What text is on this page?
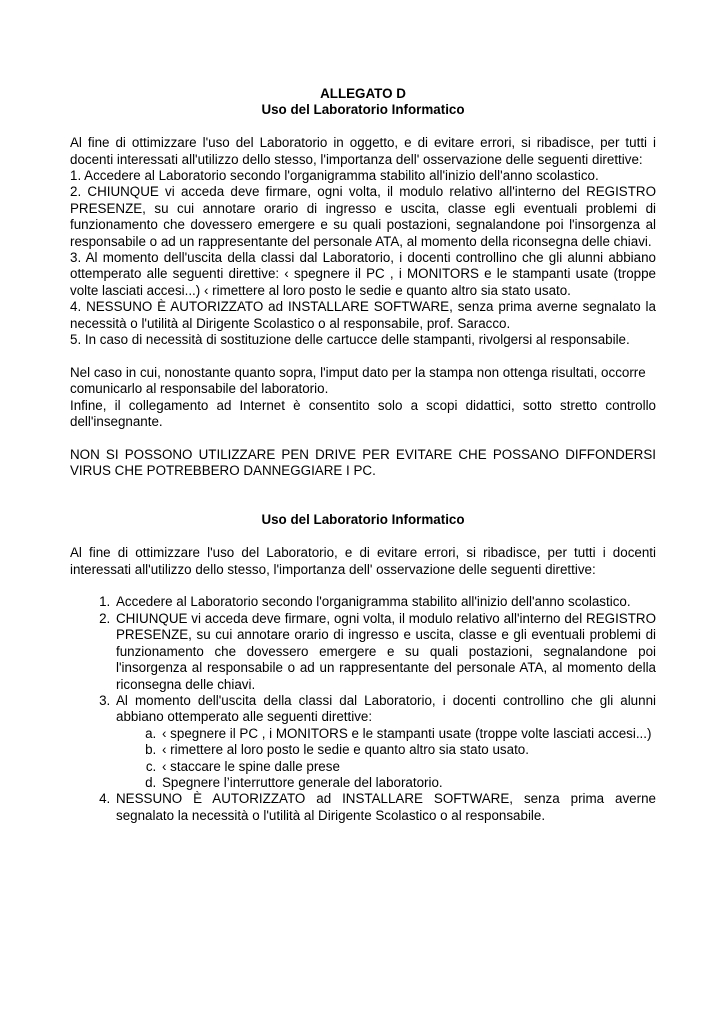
ALLEGATO D

Uso del Laboratorio Informatico

Al fine di ottimizzare l'uso del Laboratorio in oggetto, e di evitare errori, si ribadisce, per tutti i docenti interessati all'utilizzo dello stesso, l'importanza dell' osservazione delle seguenti direttive:

1. Accedere al Laboratorio secondo l'organigramma stabilito all'inizio dell'anno scolastico.

2. CHIUNQUE vi acceda deve firmare, ogni volta, il modulo relativo all'interno del REGISTRO PRESENZE, su cui annotare orario di ingresso e uscita, classe egli eventuali problemi di funzionamento che dovessero emergere e su quali postazioni, segnalandone poi l'insorgenza al responsabile o ad un rappresentante del personale ATA, al momento della riconsegna delle chiavi.

3. Al momento dell'uscita della classi dal Laboratorio, i docenti controllino che gli alunni abbiano ottemperato alle seguenti direttive: ‹ spegnere il PC , i MONITORS e le stampanti usate (troppe volte lasciati accesi...) ‹ rimettere al loro posto le sedie e quanto altro sia stato usato.

4. NESSUNO È AUTORIZZATO ad INSTALLARE SOFTWARE, senza prima averne segnalato la necessità o l'utilità al Dirigente Scolastico o al responsabile, prof. Saracco.

5. In caso di necessità di sostituzione delle cartucce delle stampanti, rivolgersi al responsabile.

Nel caso in cui, nonostante quanto sopra, l'imput dato per la stampa non ottenga risultati, occorre

comunicarlo al responsabile del laboratorio.

Infine, il collegamento ad Internet è consentito solo a scopi didattici, sotto stretto controllo dell'insegnante.

NON SI POSSONO UTILIZZARE PEN DRIVE PER EVITARE CHE POSSANO DIFFONDERSI VIRUS CHE POTREBBERO DANNEGGIARE I PC.

Uso del Laboratorio Informatico

Al fine di ottimizzare l'uso del Laboratorio, e di evitare errori, si ribadisce, per tutti i docenti interessati all'utilizzo dello stesso, l'importanza dell' osservazione delle seguenti direttive:

1. Accedere al Laboratorio secondo l'organigramma stabilito all'inizio dell'anno scolastico.
2. CHIUNQUE vi acceda deve firmare, ogni volta, il modulo relativo all'interno del REGISTRO PRESENZE, su cui annotare orario di ingresso e uscita, classe e gli eventuali problemi di funzionamento che dovessero emergere e su quali postazioni, segnalandone poi l'insorgenza al responsabile o ad un rappresentante del personale ATA, al momento della riconsegna delle chiavi.
3. Al momento dell'uscita della classi dal Laboratorio, i docenti controllino che gli alunni abbiano ottemperato alle seguenti direttive:
a. ‹ spegnere il PC , i MONITORS e le stampanti usate (troppe volte lasciati accesi...)
b. ‹ rimettere al loro posto le sedie e quanto altro sia stato usato.
c. ‹ staccare le spine dalle prese
d. Spegnere l’interruttore generale del laboratorio.
4. NESSUNO È AUTORIZZATO ad INSTALLARE SOFTWARE, senza prima averne segnalato la necessità o l'utilità al Dirigente Scolastico o al responsabile.
